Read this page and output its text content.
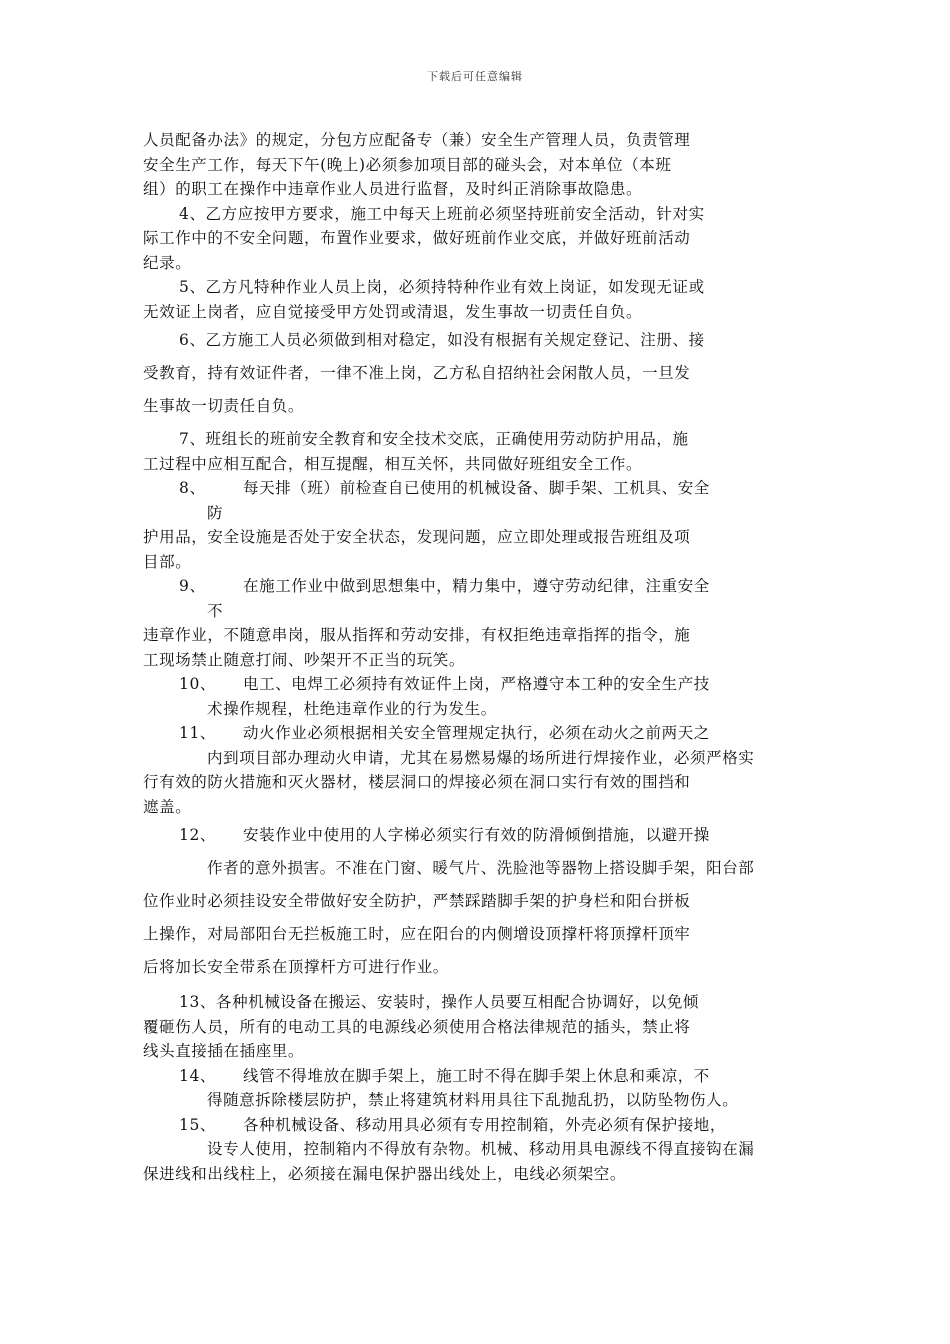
下载后可任意编辑
人员配备办法》的规定，分包方应配备专（兼）安全生产管理人员，负责管理
安全生产工作，每天下午(晚上)必须参加项目部的碰头会，对本单位（本班
组）的职工在操作中违章作业人员进行监督，及时纠正消除事故隐患。
4、乙方应按甲方要求，施工中每天上班前必须坚持班前安全活动，针对实
际工作中的不安全问题，布置作业要求，做好班前作业交底，并做好班前活动
纪录。
5、乙方凡特种作业人员上岗，必须持特种作业有效上岗证，如发现无证或
无效证上岗者，应自觉接受甲方处罚或清退，发生事故一切责任自负。
6、乙方施工人员必须做到相对稳定，如没有根据有关规定登记、注册、接
受教育，持有效证件者，一律不准上岗，乙方私自招纳社会闲散人员，一旦发
生事故一切责任自负。
7、班组长的班前安全教育和安全技术交底，正确使用劳动防护用品，施
工过程中应相互配合，相互提醒，相互关怀，共同做好班组安全工作。
8、 每天排（班）前检查自已使用的机械设备、脚手架、工机具、安全
防
护用品，安全设施是否处于安全状态，发现问题，应立即处理或报告班组及项
目部。
9、 在施工作业中做到思想集中，精力集中，遵守劳动纪律，注重安全
不
违章作业，不随意串岗，服从指挥和劳动安排，有权拒绝违章指挥的指令，施
工现场禁止随意打闹、吵架开不正当的玩笑。
10、 电工、电焊工必须持有效证件上岗，严格遵守本工种的安全生产技
术操作规程，杜绝违章作业的行为发生。
11、 动火作业必须根据相关安全管理规定执行，必须在动火之前两天之
内到项目部办理动火申请，尤其在易燃易爆的场所进行焊接作业，必须严格实
行有效的防火措施和灭火器材，楼层洞口的焊接必须在洞口实行有效的围挡和
遮盖。
12、 安装作业中使用的人字梯必须实行有效的防滑倾倒措施，以避开操
作者的意外损害。不准在门窗、暖气片、洗脸池等器物上搭设脚手架，阳台部
位作业时必须挂设安全带做好安全防护，严禁踩踏脚手架的护身栏和阳台拼板
上操作，对局部阳台无拦板施工时，应在阳台的内侧增设顶撑杆将顶撑杆顶牢
后将加长安全带系在顶撑杆方可进行作业。
13、各种机械设备在搬运、安装时，操作人员要互相配合协调好，以免倾
覆砸伤人员，所有的电动工具的电源线必须使用合格法律规范的插头，禁止将
线头直接插在插座里。
14、 线管不得堆放在脚手架上，施工时不得在脚手架上休息和乘凉，不
得随意拆除楼层防护，禁止将建筑材料用具往下乱抛乱扔，以防坠物伤人。
15、 各种机械设备、移动用具必须有专用控制箱，外壳必须有保护接地，
设专人使用，控制箱内不得放有杂物。机械、移动用具电源线不得直接钩在漏
保进线和出线柱上，必须接在漏电保护器出线处上，电线必须架空。
